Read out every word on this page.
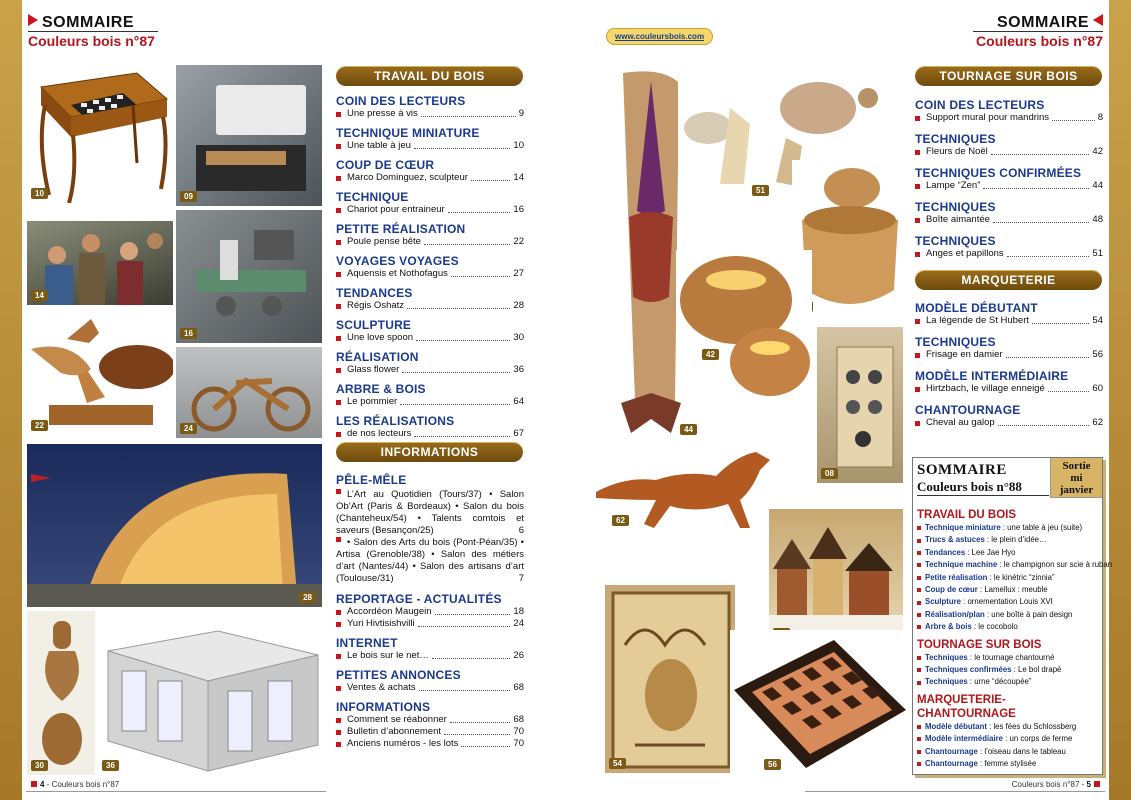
SOMMAIRE
Couleurs bois n°87
SOMMAIRE
Couleurs bois n°87
www.couleursbois.com
10	09
14
16
22	24
28
30	36
TRAVAIL DU BOIS
COIN DES LECTEURS
Une presse à vis	9
TECHNIQUE MINIATURE
Une table à jeu	10
COUP DE CŒUR
Marco Dominguez, sculpteur	14
TECHNIQUE
Chariot pour entraineur	16
PETITE RÉALISATION
Poule pense bête	22
VOYAGES VOYAGES
Aquensis et Nothofagus	27
TENDANCES
Régis Oshatz	28
SCULPTURE
Une love spoon	30
RÉALISATION
Glass flower	36
ARBRE & BOIS
Le pommier	64
LES RÉALISATIONS
de nos lecteurs	67
INFORMATIONS
PÊLE-MÊLE
L’Art au Quotidien (Tours/37) • Salon Ob’Art (Paris & Bordeaux) • Salon du bois (Chanteheux/54) • Talents comtois et saveurs (Besançon/25)	6
• Salon des Arts du bois (Pont-Péan/35) • Artisa (Grenoble/38) • Salon des métiers d’art (Nantes/44) • Salon des artisans d’art (Toulouse/31)	7
REPORTAGE - ACTUALITÉS
Accordéon Maugein	18
Yuri Hivtisishvilli	24
INTERNET
Le bois sur le net…	26
PETITES ANNONCES
Ventes & achats	68
INFORMATIONS
Comment se réabonner	68
Bulletin d’abonnement	70
Anciens numéros - les lots	70
44
51
42
08
62
54	56
TOURNAGE SUR BOIS
COIN DES LECTEURS
Support mural pour mandrins	8
TECHNIQUES
Fleurs de Noël	42
TECHNIQUES CONFIRMÉES
Lampe “Zen”	44
TECHNIQUES
Boîte aimantée	48
TECHNIQUES
Anges et papillons	51
MARQUETERIE
MODÈLE DÉBUTANT
La légende de St Hubert	54
TECHNIQUES
Frisage en damier	56
MODÈLE INTERMÉDIAIRE
Hirtzbach, le village enneigé	60
CHANTOURNAGE
Cheval au galop	62
SOMMAIRE
Couleurs bois n°88
Sortie
mi
janvier
TRAVAIL DU BOIS
Technique miniature : une table à jeu (suite)
Trucs & astuces : le plein d’idée…
Tendances : Lee Jae Hyo
Technique machine : le champignon sur scie à ruban
Petite réalisation : le kinétric “zinnia”
Coup de cœur : Lamellux : meuble
Sculpture : ornementation Louis XVI
Réalisation/plan : une boîte à pain design
Arbre & bois : le cocobolo
TOURNAGE SUR BOIS
Techniques : le tournage chantourné
Techniques confirmées : Le bol drapé
Techniques : urne “découpée”
MARQUETERIE-CHANTOURNAGE
Modèle débutant : les fées du Schlossberg
Modèle intermédiaire : un corps de ferme
Chantournage : l’oiseau dans le tableau
Chantournage : femme stylisée
4 - Couleurs bois n°87	Couleurs bois n°87 - 5
